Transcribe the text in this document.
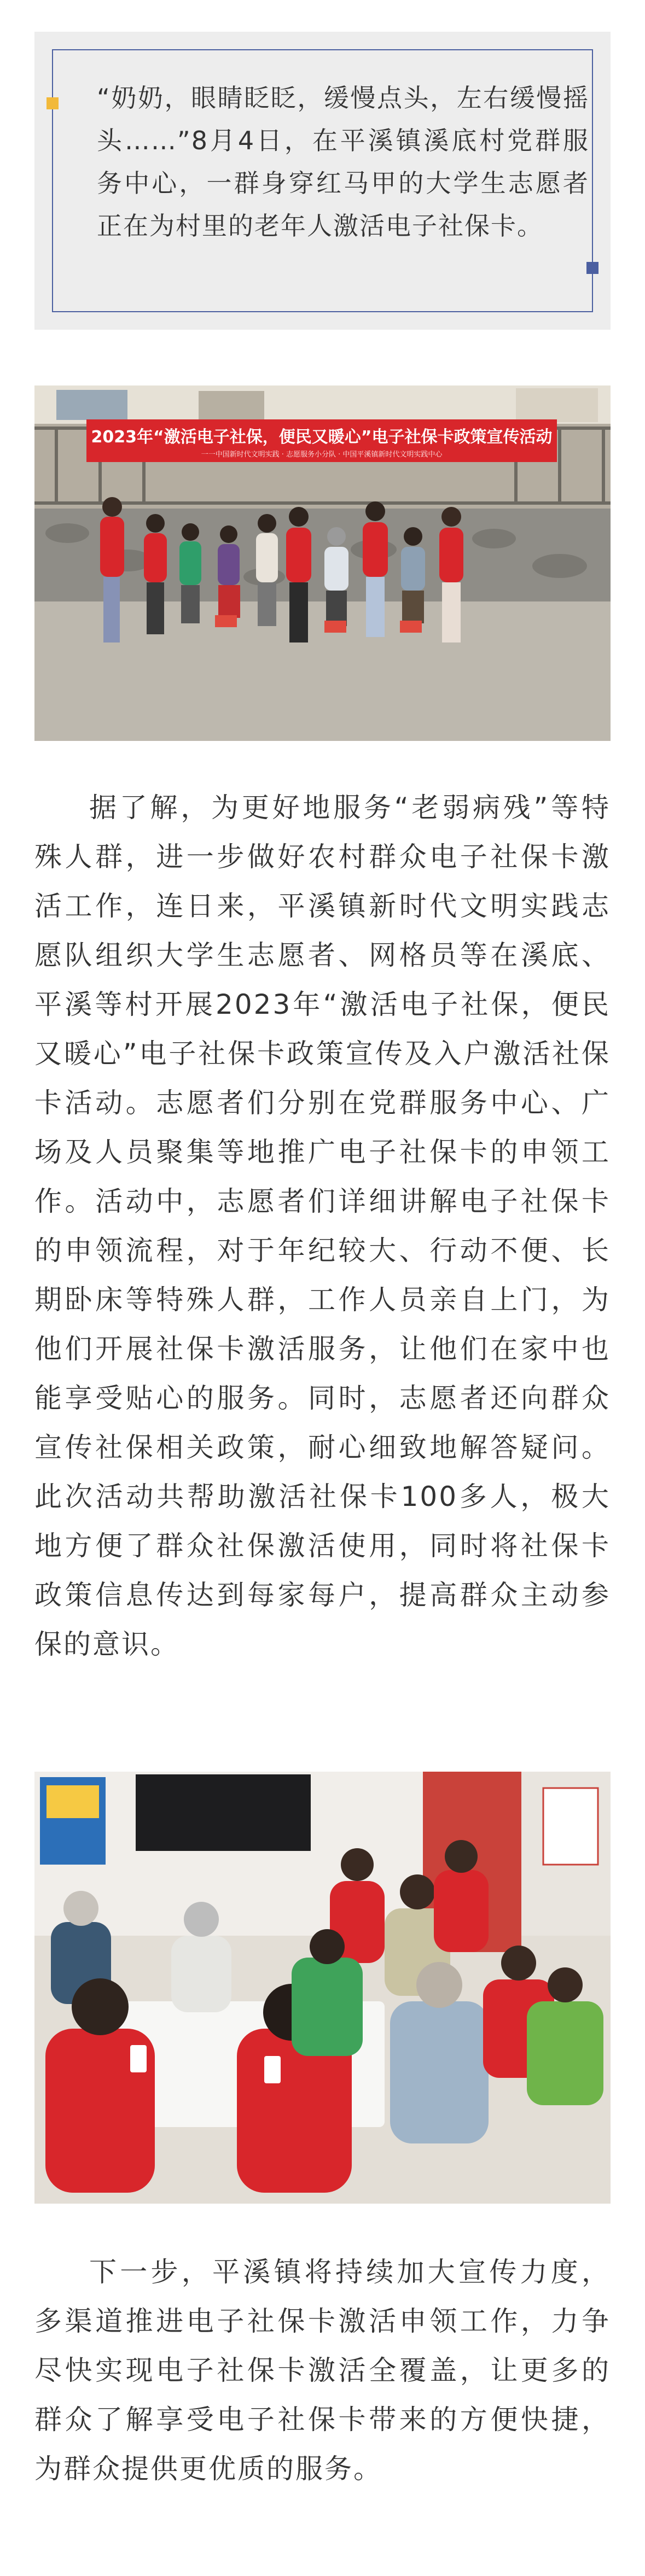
“奶奶，眼睛眨眨，缓慢点头，左右缓慢摇头……”8月4日，在平溪镇溪底村党群服务中心，一群身穿红马甲的大学生志愿者正在为村里的老年人激活电子社保卡。

2023年“激活电子社保，便民又暖心”电子社保卡政策宣传活动
一一中国新时代文明实践 · 志愿服务小分队 · 中国平溪镇新时代文明实践中心

据了解，为更好地服务“老弱病残”等特殊人群，进一步做好农村群众电子社保卡激活工作，连日来，平溪镇新时代文明实践志愿队组织大学生志愿者、网格员等在溪底、平溪等村开展2023年“激活电子社保，便民又暖心”电子社保卡政策宣传及入户激活社保卡活动。志愿者们分别在党群服务中心、广场及人员聚集等地推广电子社保卡的申领工作。活动中，志愿者们详细讲解电子社保卡的申领流程，对于年纪较大、行动不便、长期卧床等特殊人群，工作人员亲自上门，为他们开展社保卡激活服务，让他们在家中也能享受贴心的服务。同时，志愿者还向群众宣传社保相关政策，耐心细致地解答疑问。此次活动共帮助激活社保卡100多人，极大地方便了群众社保激活使用，同时将社保卡政策信息传达到每家每户，提高群众主动参保的意识。

下一步，平溪镇将持续加大宣传力度，多渠道推进电子社保卡激活申领工作，力争尽快实现电子社保卡激活全覆盖，让更多的群众了解享受电子社保卡带来的方便快捷，为群众提供更优质的服务。
